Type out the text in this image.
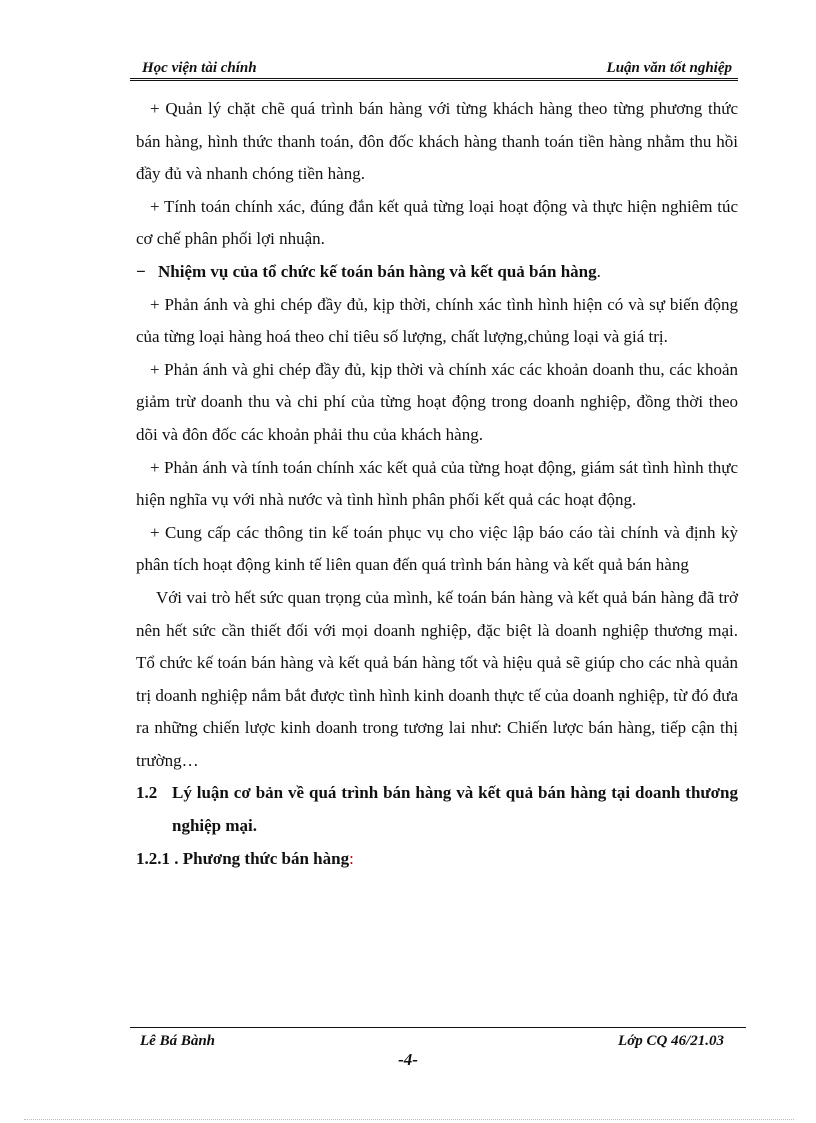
Học viện tài chính	Luận văn tốt nghiệp

+ Quản lý chặt chẽ quá trình bán hàng với từng khách hàng theo từng phương thức bán hàng, hình thức thanh toán, đôn đốc khách hàng thanh toán tiền hàng nhằm thu hồi đầy đủ và nhanh chóng tiền hàng.

+ Tính toán chính xác, đúng đắn kết quả từng loại hoạt động và thực hiện nghiêm túc cơ chế phân phối lợi nhuận.

− Nhiệm vụ của tổ chức kế toán bán hàng và kết quả bán hàng.

+ Phản ánh và ghi chép đầy đủ, kịp thời, chính xác tình hình hiện có và sự biến động của từng loại hàng hoá theo chỉ tiêu số lượng, chất lượng,chủng loại và giá trị.

+ Phản ánh và ghi chép đầy đủ, kịp thời và chính xác các khoản doanh thu, các khoản giảm trừ doanh thu và chi phí của từng hoạt động trong doanh nghiệp, đồng thời theo dõi và đôn đốc các khoản phải thu của khách hàng.

+ Phản ánh và tính toán chính xác kết quả của từng hoạt động, giám sát tình hình thực hiện nghĩa vụ với nhà nước và tình hình phân phối kết quả các hoạt động.

+ Cung cấp các thông tin kế toán phục vụ cho việc lập báo cáo tài chính và định kỳ phân tích hoạt động kinh tế liên quan đến quá trình bán hàng và kết quả bán hàng

Với vai trò hết sức quan trọng của mình, kế toán bán hàng và kết quả bán hàng đã trở nên hết sức cần thiết đối với mọi doanh nghiệp, đặc biệt là doanh nghiệp thương mại. Tổ chức kế toán bán hàng và kết quả bán hàng tốt và hiệu quả sẽ giúp cho các nhà quản trị doanh nghiệp nắm bắt được tình hình kinh doanh thực tế của doanh nghiệp, từ đó đưa ra những chiến lược kinh doanh trong tương lai như: Chiến lược bán hàng, tiếp cận thị trường…

1.2 Lý luận cơ bản về quá trình bán hàng và kết quả bán hàng tại doanh thương nghiệp mại.

1.2.1 . Phương thức bán hàng:

Lê Bá Bành	Lớp CQ 46/21.03
-4-
